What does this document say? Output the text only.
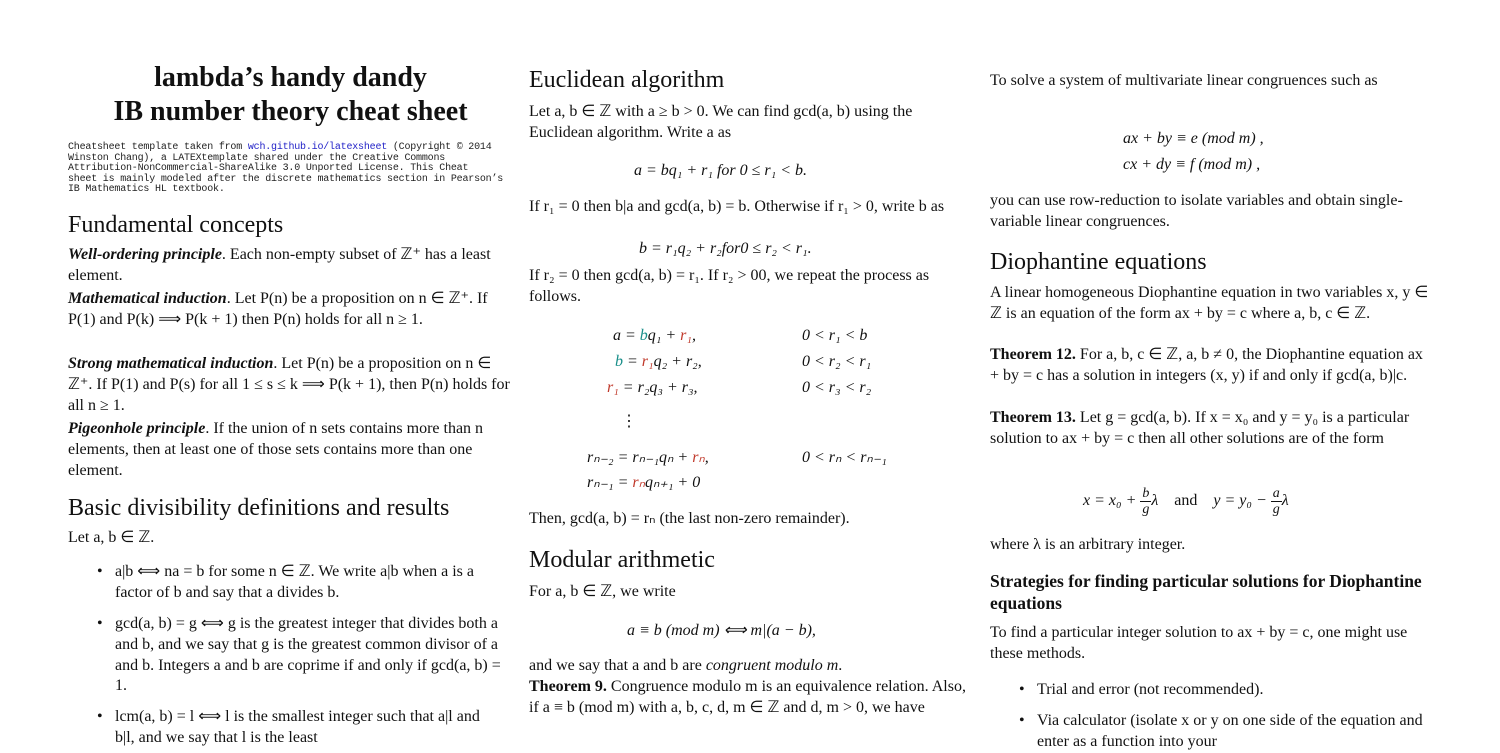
lambda’s handy dandy
IB number theory cheat sheet
Cheatsheet template taken from wch.github.io/latexsheet (Copyright © 2014
Winston Chang), a LATEXtemplate shared under the Creative Commons
Attribution-NonCommercial-ShareAlike 3.0 Unported License. This Cheat
sheet is mainly modeled after the discrete mathematics section in Pearson’s
IB Mathematics HL textbook.
Fundamental concepts
Well-ordering principle. Each non-empty subset of ℤ⁺ has a least element.
Mathematical induction. Let P(n) be a proposition on n ∈ ℤ⁺. If P(1) and P(k) ⟹ P(k + 1) then P(n) holds for all n ≥ 1.
Strong mathematical induction. Let P(n) be a proposition on n ∈ ℤ⁺. If P(1) and P(s) for all 1 ≤ s ≤ k ⟹ P(k + 1), then P(n) holds for all n ≥ 1.
Pigeonhole principle. If the union of n sets contains more than n elements, then at least one of those sets contains more than one element.
Basic divisibility definitions and results
Let a, b ∈ ℤ.
• a|b ⟺ na = b for some n ∈ ℤ. We write a|b when a is a factor of b and say that a divides b.
• gcd(a, b) = g ⟺ g is the greatest integer that divides both a and b, and we say that g is the greatest common divisor of a and b. Integers a and b are coprime if and only if gcd(a, b) = 1.
• lcm(a, b) = l ⟺ l is the smallest integer such that a|l and b|l, and we say that l is the least
Euclidean algorithm
Let a, b ∈ ℤ with a ≥ b > 0. We can find gcd(a, b) using the Euclidean algorithm. Write a as
a = bq₁ + r₁ for 0 ≤ r₁ < b.
If r₁ = 0 then b|a and gcd(a, b) = b. Otherwise if r₁ > 0, write b as
b = r₁q₂ + r₂for0 ≤ r₂ < r₁.
If r₂ = 0 then gcd(a, b) = r₁. If r₂ > 00, we repeat the process as follows.
a = bq₁ + r₁,	0 < r₁ < b
b = r₁q₂ + r₂,	0 < r₂ < r₁
r₁ = r₂q₃ + r₃,	0 < r₃ < r₂
⋮
rₙ₋₂ = rₙ₋₁qₙ + rₙ,	0 < rₙ < rₙ₋₁
rₙ₋₁ = rₙqₙ₊₁ + 0
Then, gcd(a, b) = rₙ (the last non-zero remainder).
Modular arithmetic
For a, b ∈ ℤ, we write
a ≡ b (mod m) ⟺ m|(a − b),
and we say that a and b are congruent modulo m.
Theorem 9. Congruence modulo m is an equivalence relation. Also, if a ≡ b (mod m) with a, b, c, d, m ∈ ℤ and d, m > 0, we have
To solve a system of multivariate linear congruences such as
ax + by ≡ e (mod m) ,
cx + dy ≡ f (mod m) ,
you can use row-reduction to isolate variables and obtain single-variable linear congruences.
Diophantine equations
A linear homogeneous Diophantine equation in two variables x, y ∈ ℤ is an equation of the form ax + by = c where a, b, c ∈ ℤ.
Theorem 12. For a, b, c ∈ ℤ, a, b ≠ 0, the Diophantine equation ax + by = c has a solution in integers (x, y) if and only if gcd(a, b)|c.
Theorem 13. Let g = gcd(a, b). If x = x₀ and y = y₀ is a particular solution to ax + by = c then all other solutions are of the form
$x = x_0 + \frac{b}{g}$ λ and $y = y_0 - \frac{a}{g}$ λ
where λ is an arbitrary integer.
Strategies for finding particular solutions for Diophantine equations
To find a particular integer solution to ax + by = c, one might use these methods.
• Trial and error (not recommended).
• Via calculator (isolate x or y on one side of the equation and enter as a function into your
